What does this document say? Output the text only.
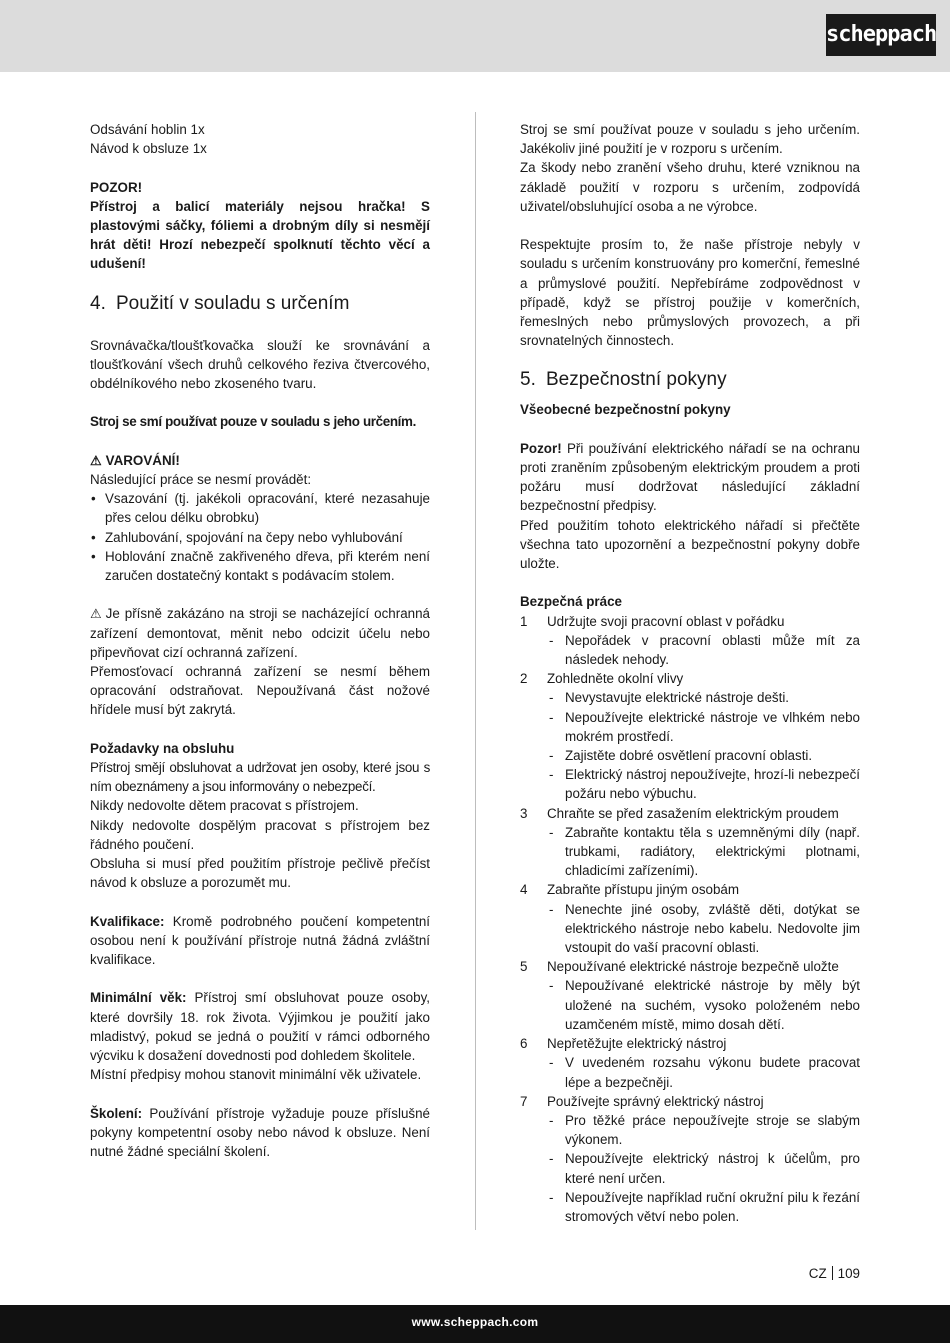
scheppach

Odsávání hoblin 1x

Návod k obsluze 1x

POZOR!

Přístroj a balicí materiály nejsou hračka! S plastovými sáčky, fóliemi a drobným díly si nesmějí hrát děti! Hrozí nebezpečí spolknutí těchto věcí a udušení!

4. Použití v souladu s určením

Srovnávačka/tloušťkovačka slouží ke srovnávání a tloušťkování všech druhů celkového řeziva čtvercového, obdélníkového nebo zkoseného tvaru.

Stroj se smí používat pouze v souladu s jeho určením.

⚠ VAROVÁNÍ!

Následující práce se nesmí provádět:

• Vsazování (tj. jakékoli opracování, které nezasahuje přes celou délku obrobku)
• Zahlubování, spojování na čepy nebo vyhlubování
• Hoblování značně zakřiveného dřeva, při kterém není zaručen dostatečný kontakt s podávacím stolem.

⚠ Je přísně zakázáno na stroji se nacházející ochranná zařízení demontovat, měnit nebo odcizit účelu nebo připevňovat cizí ochranná zařízení.

Přemosťovací ochranná zařízení se nesmí během opracování odstraňovat. Nepoužívaná část nožové hřídele musí být zakrytá.

Požadavky na obsluhu

Přístroj smějí obsluhovat a udržovat jen osoby, které jsou s ním obeznámeny a jsou informovány o nebezpečí.

Nikdy nedovolte dětem pracovat s přístrojem.

Nikdy nedovolte dospělým pracovat s přístrojem bez řádného poučení.

Obsluha si musí před použitím přístroje pečlivě přečíst návod k obsluze a porozumět mu.

Kvalifikace: Kromě podrobného poučení kompetentní osobou není k používání přístroje nutná žádná zvláštní kvalifikace.

Minimální věk: Přístroj smí obsluhovat pouze osoby, které dovršily 18. rok života. Výjimkou je použití jako mladistvý, pokud se jedná o použití v rámci odborného výcviku k dosažení dovednosti pod dohledem školitele.

Místní předpisy mohou stanovit minimální věk uživatele.

Školení: Používání přístroje vyžaduje pouze příslušné pokyny kompetentní osoby nebo návod k obsluze. Není nutné žádné speciální školení.

Stroj se smí používat pouze v souladu s jeho určením. Jakékoliv jiné použití je v rozporu s určením.

Za škody nebo zranění všeho druhu, které vzniknou na základě použití v rozporu s určením, zodpovídá uživatel/obsluhující osoba a ne výrobce.

Respektujte prosím to, že naše přístroje nebyly v souladu s určením konstruovány pro komerční, řemeslné a průmyslové použití. Nepřebíráme zodpovědnost v případě, když se přístroj použije v komerčních, řemeslných nebo průmyslových provozech, a při srovnatelných činnostech.

5. Bezpečnostní pokyny

Všeobecné bezpečnostní pokyny

Pozor! Při používání elektrického nářadí se na ochranu proti zraněním způsobeným elektrickým proudem a proti požáru musí dodržovat následující základní bezpečnostní předpisy.

Před použitím tohoto elektrického nářadí si přečtěte všechna tato upozornění a bezpečnostní pokyny dobře uložte.

Bezpečná práce

1	Udržujte svoji pracovní oblast v pořádku
- Nepořádek v pracovní oblasti může mít za následek nehody.
2	Zohledněte okolní vlivy
- Nevystavujte elektrické nástroje dešti.
- Nepoužívejte elektrické nástroje ve vlhkém nebo mokrém prostředí.
- Zajistěte dobré osvětlení pracovní oblasti.
- Elektrický nástroj nepoužívejte, hrozí-li nebezpečí požáru nebo výbuchu.
3	Chraňte se před zasažením elektrickým proudem
- Zabraňte kontaktu těla s uzemněnými díly (např. trubkami, radiátory, elektrickými plotnami, chladicími zařízeními).
4	Zabraňte přístupu jiným osobám
- Nenechte jiné osoby, zvláště děti, dotýkat se elektrického nástroje nebo kabelu. Nedovolte jim vstoupit do vaší pracovní oblasti.
5	Nepoužívané elektrické nástroje bezpečně uložte
- Nepoužívané elektrické nástroje by měly být uložené na suchém, vysoko položeném nebo uzamčeném místě, mimo dosah dětí.
6	Nepřetěžujte elektrický nástroj
- V uvedeném rozsahu výkonu budete pracovat lépe a bezpečněji.
7	Používejte správný elektrický nástroj
- Pro těžké práce nepoužívejte stroje se slabým výkonem.
- Nepoužívejte elektrický nástroj k účelům, pro které není určen.
- Nepoužívejte například ruční okružní pilu k řezání stromových větví nebo polen.
CZ 109
www.scheppach.com
